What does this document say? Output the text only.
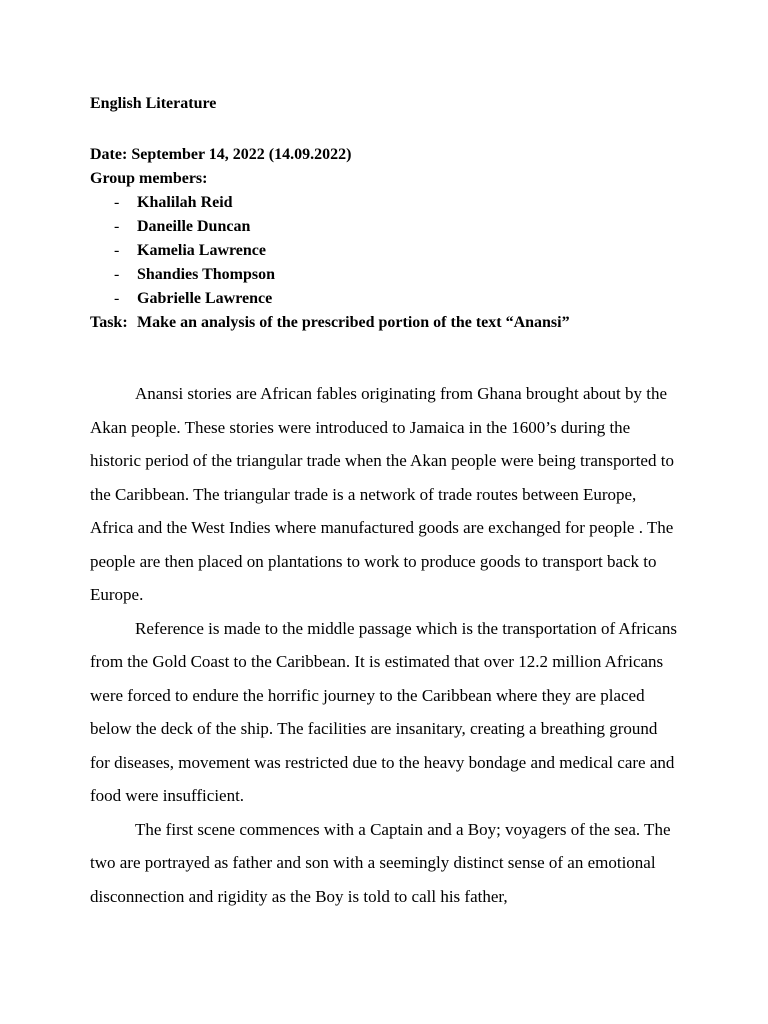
English Literature
Date: September 14, 2022 (14.09.2022)
Group members:
- Khalilah Reid
- Daneille Duncan
- Kamelia Lawrence
- Shandies Thompson
- Gabrielle Lawrence
Task: Make an analysis of the prescribed portion of the text “Anansi”

Anansi stories are African fables originating from Ghana brought about by the Akan people. These stories were introduced to Jamaica in the 1600’s during the historic period of the triangular trade when the Akan people were being transported to the Caribbean. The triangular trade is a network of trade routes between Europe, Africa and the West Indies where manufactured goods are exchanged for people . The people are then placed on plantations to work to produce goods to transport back to Europe.

Reference is made to the middle passage which is the transportation of Africans from the Gold Coast to the Caribbean. It is estimated that over 12.2 million Africans were forced to endure the horrific journey to the Caribbean where they are placed below the deck of the ship. The facilities are insanitary, creating a breathing ground for diseases, movement was restricted due to the heavy bondage and medical care and food were insufficient.

The first scene commences with a Captain and a Boy; voyagers of the sea. The two are portrayed as father and son with a seemingly distinct sense of an emotional disconnection and rigidity as the Boy is told to call his father,
